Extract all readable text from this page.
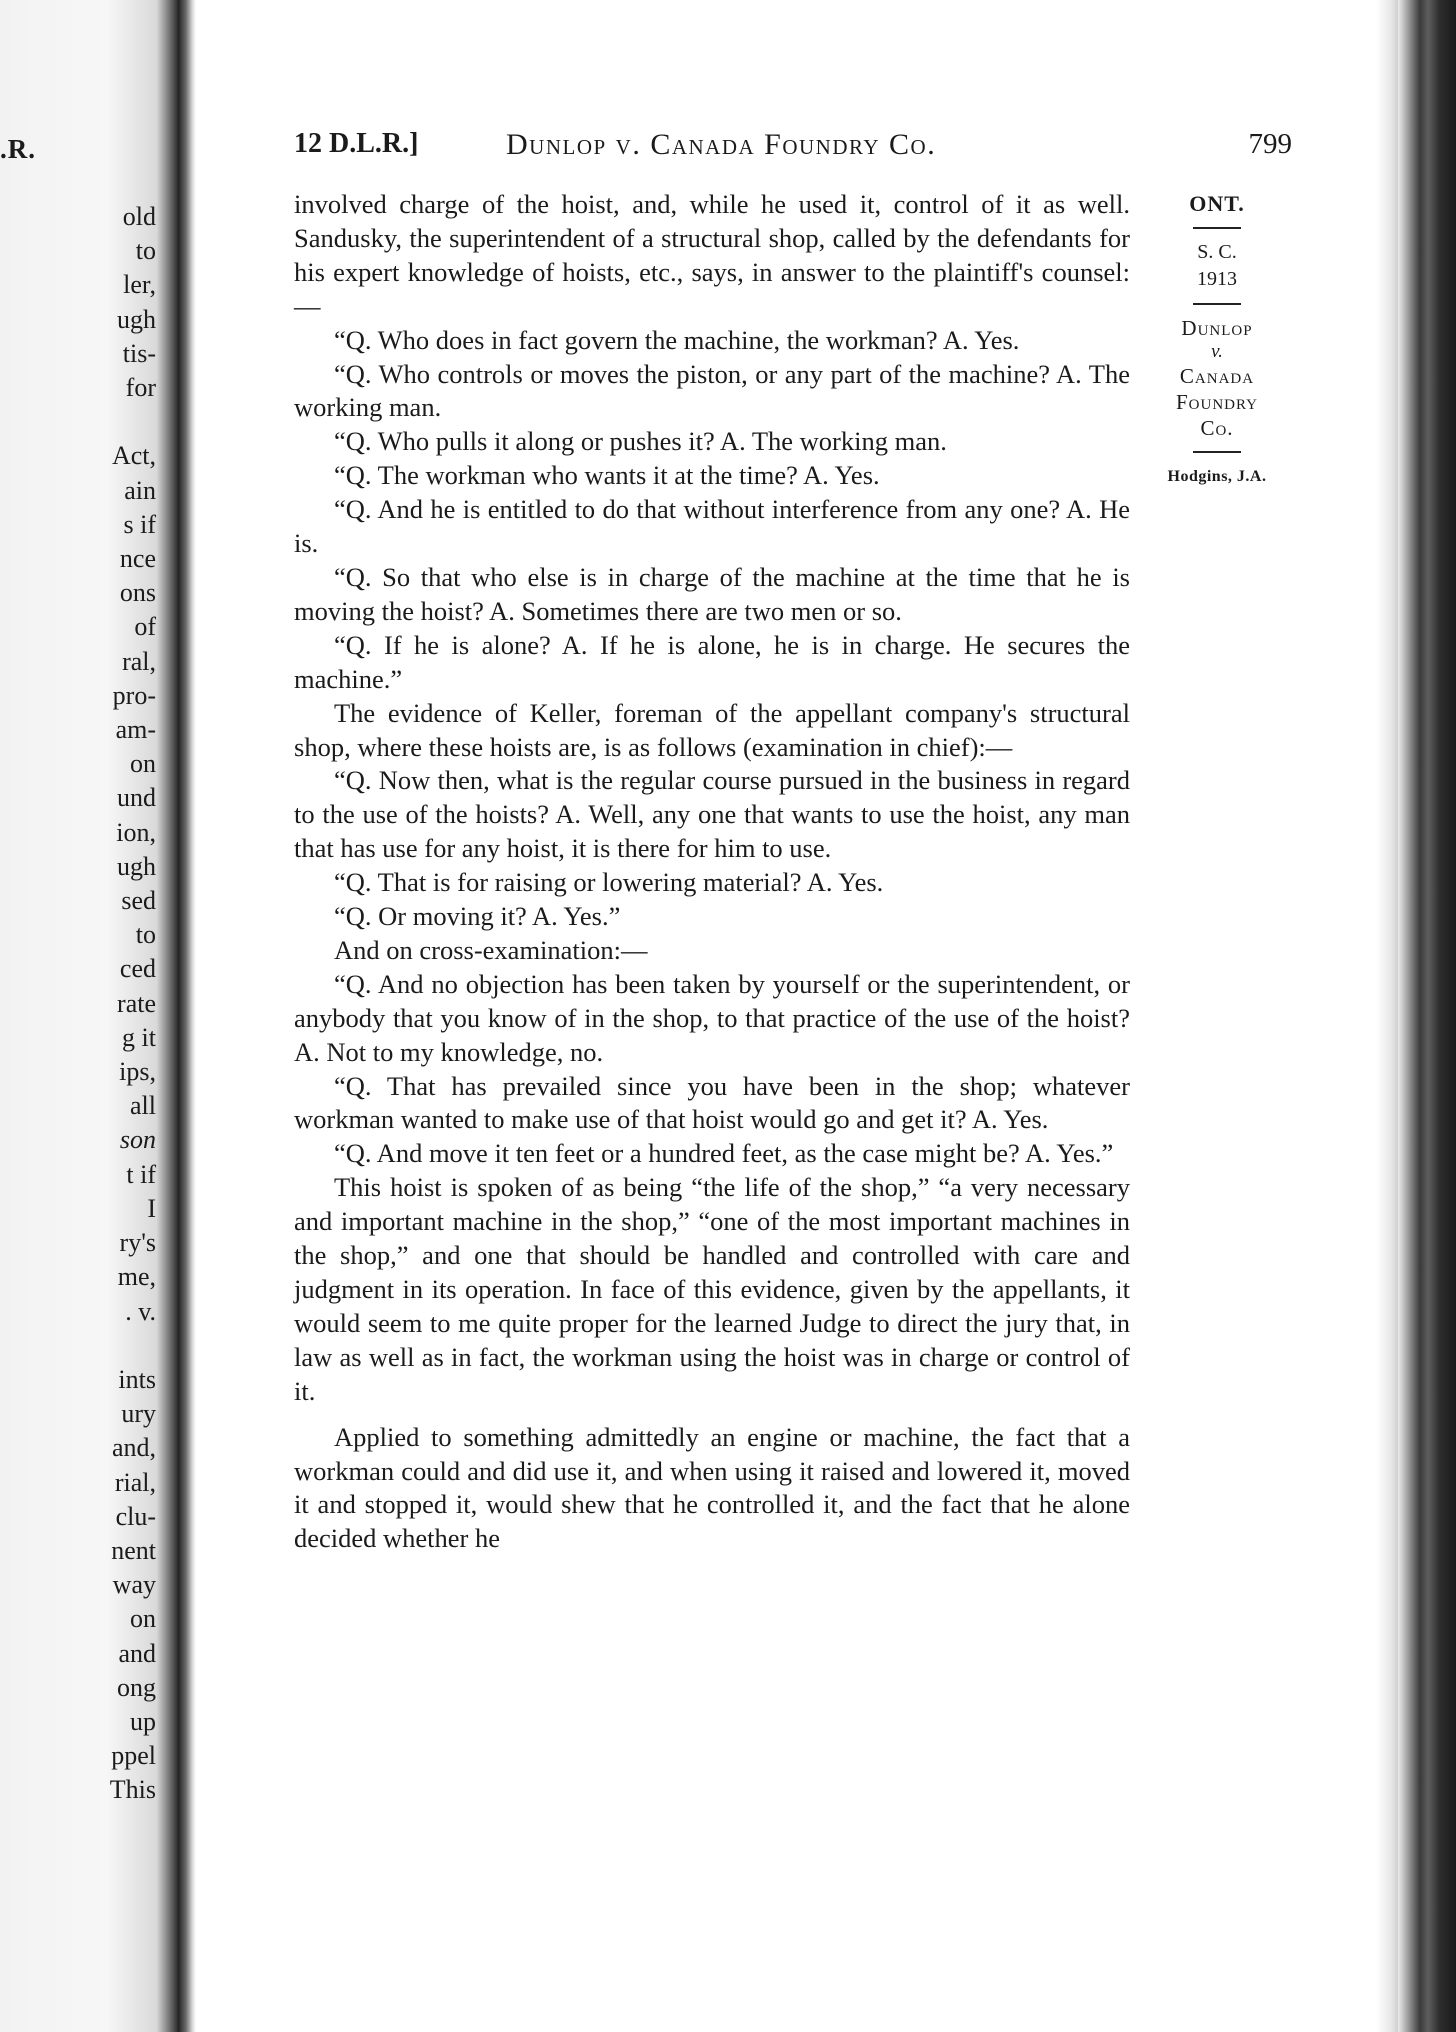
.R.
old
to
ler,
ugh
tis-
for

Act,
ain
s if
nce
ons
of
ral,
pro-
am-
on
und
ion,
ugh
sed
to
ced
rate
g it
ips,
all
son
t if
I
ry's
me,
. v.

ints
ury
and,
rial,
clu-
nent
way
on
and
ong
up
ppel
This
12 D.L.R.]	Dunlop v. Canada Foundry Co.	799
ONT.
S. C.
1913
Dunlop
v.
Canada
Foundry
Co.
Hodgins, J.A.

involved charge of the hoist, and, while he used it, control of it as well. Sandusky, the superintendent of a structural shop, called by the defendants for his expert knowledge of hoists, etc., says, in answer to the plaintiff's counsel:—

“Q. Who does in fact govern the machine, the workman? A. Yes.

“Q. Who controls or moves the piston, or any part of the machine? A. The working man.

“Q. Who pulls it along or pushes it? A. The working man.

“Q. The workman who wants it at the time? A. Yes.

“Q. And he is entitled to do that without interference from any one? A. He is.

“Q. So that who else is in charge of the machine at the time that he is moving the hoist? A. Sometimes there are two men or so.

“Q. If he is alone? A. If he is alone, he is in charge. He secures the machine.”

The evidence of Keller, foreman of the appellant company's structural shop, where these hoists are, is as follows (examination in chief):—

“Q. Now then, what is the regular course pursued in the business in regard to the use of the hoists? A. Well, any one that wants to use the hoist, any man that has use for any hoist, it is there for him to use.

“Q. That is for raising or lowering material? A. Yes.

“Q. Or moving it? A. Yes.”

And on cross-examination:—

“Q. And no objection has been taken by yourself or the superintendent, or anybody that you know of in the shop, to that practice of the use of the hoist? A. Not to my knowledge, no.

“Q. That has prevailed since you have been in the shop; whatever workman wanted to make use of that hoist would go and get it? A. Yes.

“Q. And move it ten feet or a hundred feet, as the case might be? A. Yes.”

This hoist is spoken of as being “the life of the shop,” “a very necessary and important machine in the shop,” “one of the most important machines in the shop,” and one that should be handled and controlled with care and judgment in its operation. In face of this evidence, given by the appellants, it would seem to me quite proper for the learned Judge to direct the jury that, in law as well as in fact, the workman using the hoist was in charge or control of it.

Applied to something admittedly an engine or machine, the fact that a workman could and did use it, and when using it raised and lowered it, moved it and stopped it, would shew that he controlled it, and the fact that he alone decided whether he
